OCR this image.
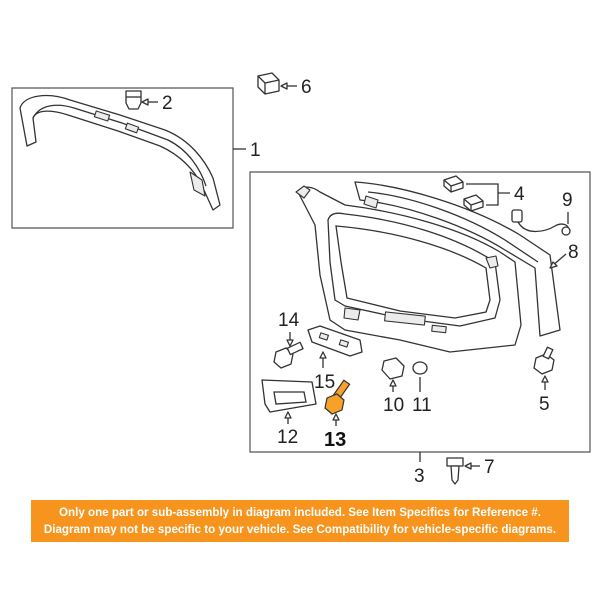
1
2
6
3
4 9
8
5
14
15
12 13
10 11
7
Only one part or sub-assembly in diagram included. See Item Specifics for Reference #.
Diagram may not be specific to your vehicle. See Compatibility for vehicle-specific diagrams.
